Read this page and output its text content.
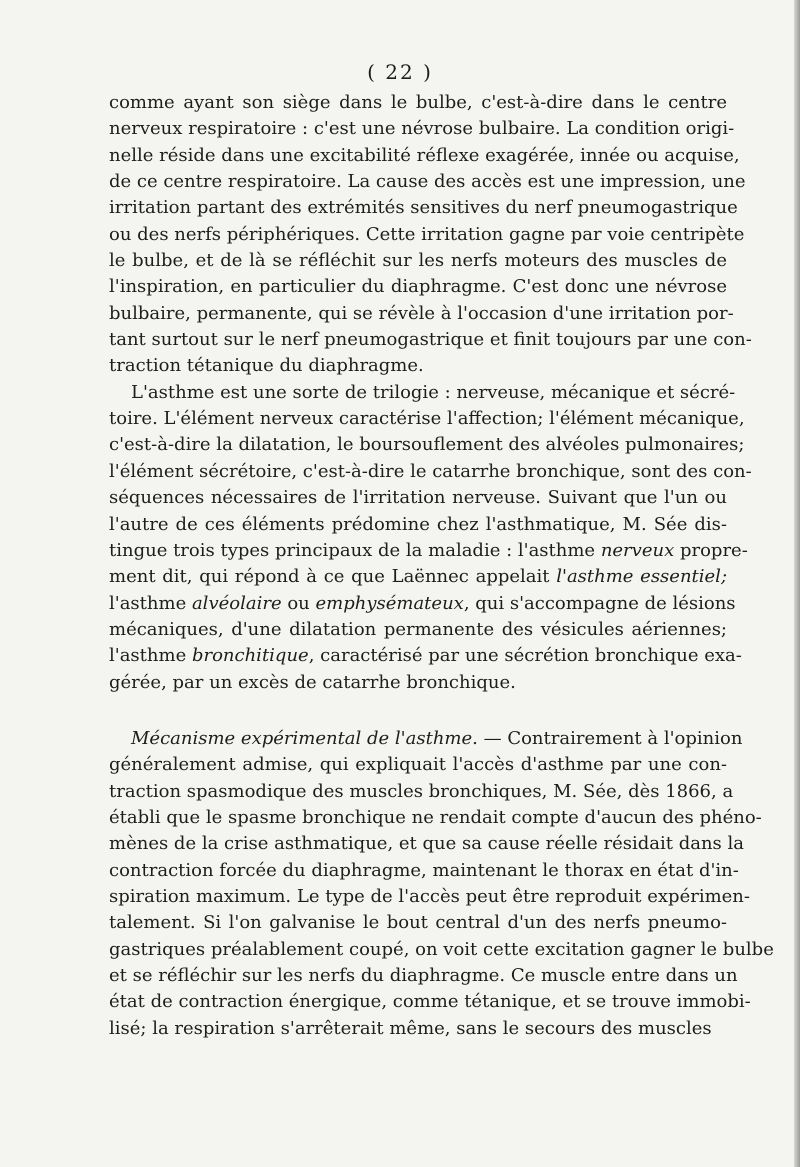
( 22 )
comme ayant son siège dans le bulbe, c'est-à-dire dans le centre
nerveux respiratoire : c'est une névrose bulbaire. La condition origi-
nelle réside dans une excitabilité réflexe exagérée, innée ou acquise,
de ce centre respiratoire. La cause des accès est une impression, une
irritation partant des extrémités sensitives du nerf pneumogastrique
ou des nerfs périphériques. Cette irritation gagne par voie centripète
le bulbe, et de là se réfléchit sur les nerfs moteurs des muscles de
l'inspiration, en particulier du diaphragme. C'est donc une névrose
bulbaire, permanente, qui se révèle à l'occasion d'une irritation por-
tant surtout sur le nerf pneumogastrique et finit toujours par une con-
traction tétanique du diaphragme.
L'asthme est une sorte de trilogie : nerveuse, mécanique et sécré-
toire. L'élément nerveux caractérise l'affection; l'élément mécanique,
c'est-à-dire la dilatation, le boursouflement des alvéoles pulmonaires;
l'élément sécrétoire, c'est-à-dire le catarrhe bronchique, sont des con-
séquences nécessaires de l'irritation nerveuse. Suivant que l'un ou
l'autre de ces éléments prédomine chez l'asthmatique, M. Sée dis-
tingue trois types principaux de la maladie : l'asthme nerveux propre-
ment dit, qui répond à ce que Laënnec appelait l'asthme essentiel;
l'asthme alvéolaire ou emphysémateux, qui s'accompagne de lésions
mécaniques, d'une dilatation permanente des vésicules aériennes;
l'asthme bronchitique, caractérisé par une sécrétion bronchique exa-
gérée, par un excès de catarrhe bronchique.
Mécanisme expérimental de l'asthme. — Contrairement à l'opinion
généralement admise, qui expliquait l'accès d'asthme par une con-
traction spasmodique des muscles bronchiques, M. Sée, dès 1866, a
établi que le spasme bronchique ne rendait compte d'aucun des phéno-
mènes de la crise asthmatique, et que sa cause réelle résidait dans la
contraction forcée du diaphragme, maintenant le thorax en état d'in-
spiration maximum. Le type de l'accès peut être reproduit expérimen-
talement. Si l'on galvanise le bout central d'un des nerfs pneumo-
gastriques préalablement coupé, on voit cette excitation gagner le bulbe
et se réfléchir sur les nerfs du diaphragme. Ce muscle entre dans un
état de contraction énergique, comme tétanique, et se trouve immobi-
lisé; la respiration s'arrêterait même, sans le secours des muscles
